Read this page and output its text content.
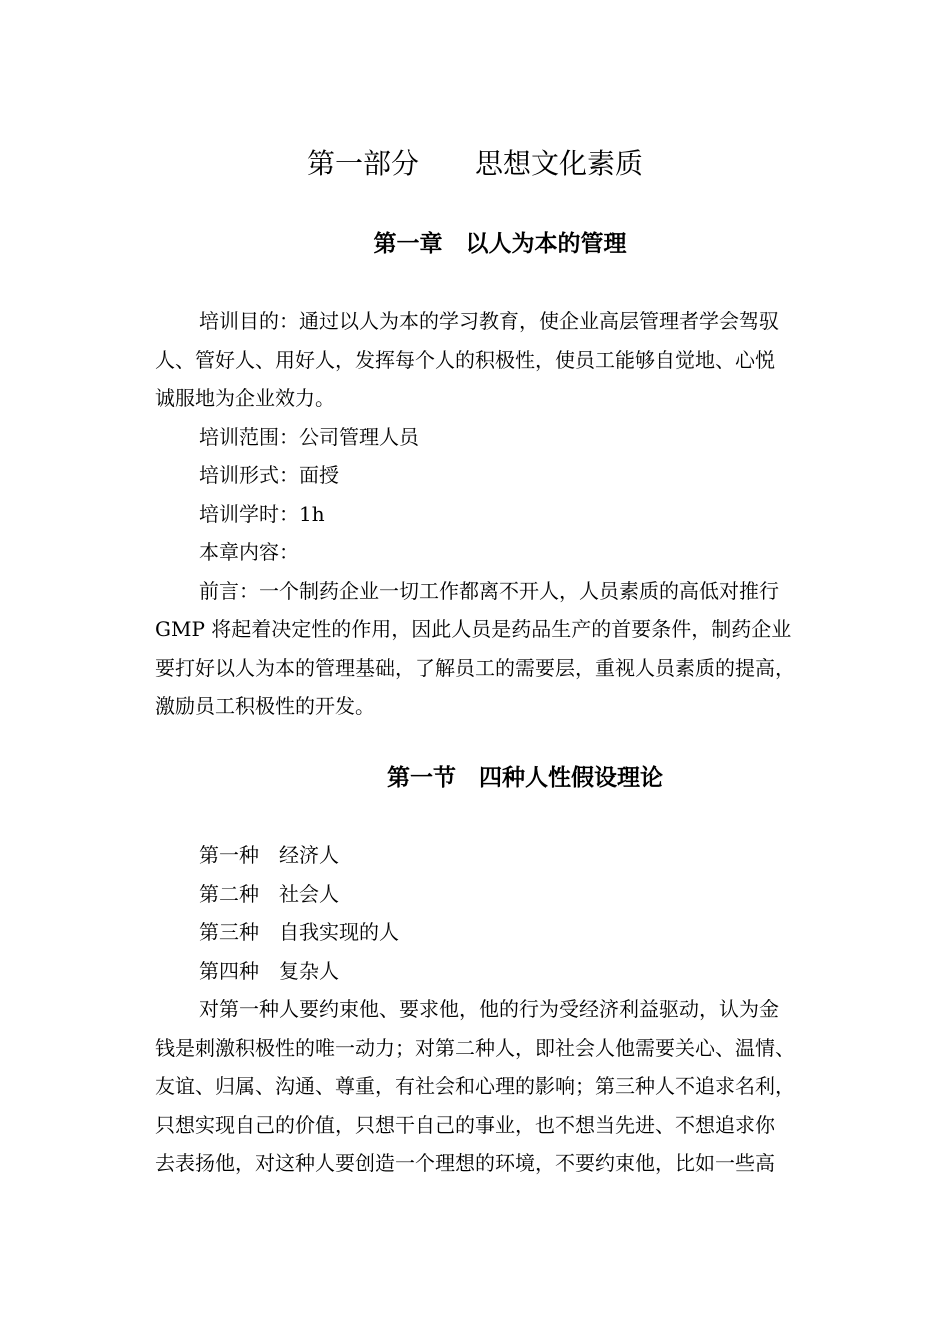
第一部分　　思想文化素质
第一章　以人为本的管理

培训目的：通过以人为本的学习教育，使企业高层管理者学会驾驭
人、管好人、用好人，发挥每个人的积极性，使员工能够自觉地、心悦
诚服地为企业效力。

培训范围：公司管理人员

培训形式：面授

培训学时：1h

本章内容：

前言：一个制药企业一切工作都离不开人，人员素质的高低对推行
GMP 将起着决定性的作用，因此人员是药品生产的首要条件，制药企业
要打好以人为本的管理基础，了解员工的需要层，重视人员素质的提高，
激励员工积极性的开发。

第一节　四种人性假设理论
第一种　经济人
第二种　社会人
第三种　自我实现的人
第四种　复杂人

对第一种人要约束他、要求他，他的行为受经济利益驱动，认为金
钱是刺激积极性的唯一动力；对第二种人，即社会人他需要关心、温情、
友谊、归属、沟通、尊重，有社会和心理的影响；第三种人不追求名利，
只想实现自己的价值，只想干自己的事业，也不想当先进、不想追求你
去表扬他，对这种人要创造一个理想的环境，不要约束他，比如一些高
